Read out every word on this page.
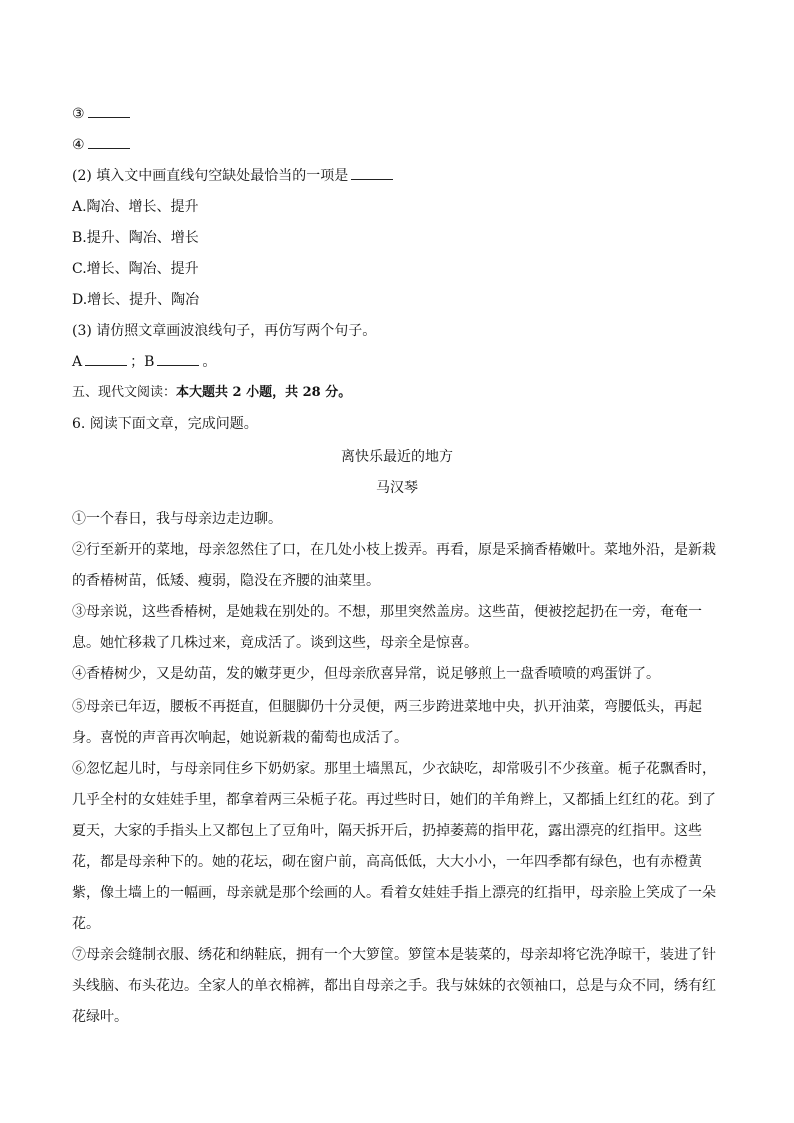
③
④
(2) 填入文中画直线句空缺处最恰当的一项是
A.陶冶、增长、提升
B.提升、陶冶、增长
C.增长、陶冶、提升
D.增长、提升、陶冶
(3) 请仿照文章画波浪线句子，再仿写两个句子。
A	；B	。
五、现代文阅读：本大题共 2 小题，共 28 分。
6. 阅读下面文章，完成问题。
离快乐最近的地方
马汉琴
①一个春日，我与母亲边走边聊。
②行至新开的菜地，母亲忽然住了口，在几处小枝上拨弄。再看，原是采摘香椿嫩叶。菜地外沿，是新栽
的香椿树苗，低矮、瘦弱，隐没在齐腰的油菜里。
③母亲说，这些香椿树，是她栽在别处的。不想，那里突然盖房。这些苗，便被挖起扔在一旁，奄奄一
息。她忙移栽了几株过来，竟成活了。谈到这些，母亲全是惊喜。
④香椿树少，又是幼苗，发的嫩芽更少，但母亲欣喜异常，说足够煎上一盘香喷喷的鸡蛋饼了。
⑤母亲已年迈，腰板不再挺直，但腿脚仍十分灵便，两三步跨进菜地中央，扒开油菜，弯腰低头，再起
身。喜悦的声音再次响起，她说新栽的葡萄也成活了。
⑥忽忆起儿时，与母亲同住乡下奶奶家。那里土墙黑瓦，少衣缺吃，却常吸引不少孩童。栀子花飘香时，
几乎全村的女娃娃手里，都拿着两三朵栀子花。再过些时日，她们的羊角辫上，又都插上红红的花。到了
夏天，大家的手指头上又都包上了豆角叶，隔天拆开后，扔掉萎蔫的指甲花，露出漂亮的红指甲。这些
花，都是母亲种下的。她的花坛，砌在窗户前，高高低低，大大小小，一年四季都有绿色，也有赤橙黄
紫，像土墙上的一幅画，母亲就是那个绘画的人。看着女娃娃手指上漂亮的红指甲，母亲脸上笑成了一朵
花。
⑦母亲会缝制衣服、绣花和纳鞋底，拥有一个大箩筐。箩筐本是装菜的，母亲却将它洗净晾干，装进了针
头线脑、布头花边。全家人的单衣棉裤，都出自母亲之手。我与妹妹的衣领袖口，总是与众不同，绣有红
花绿叶。
